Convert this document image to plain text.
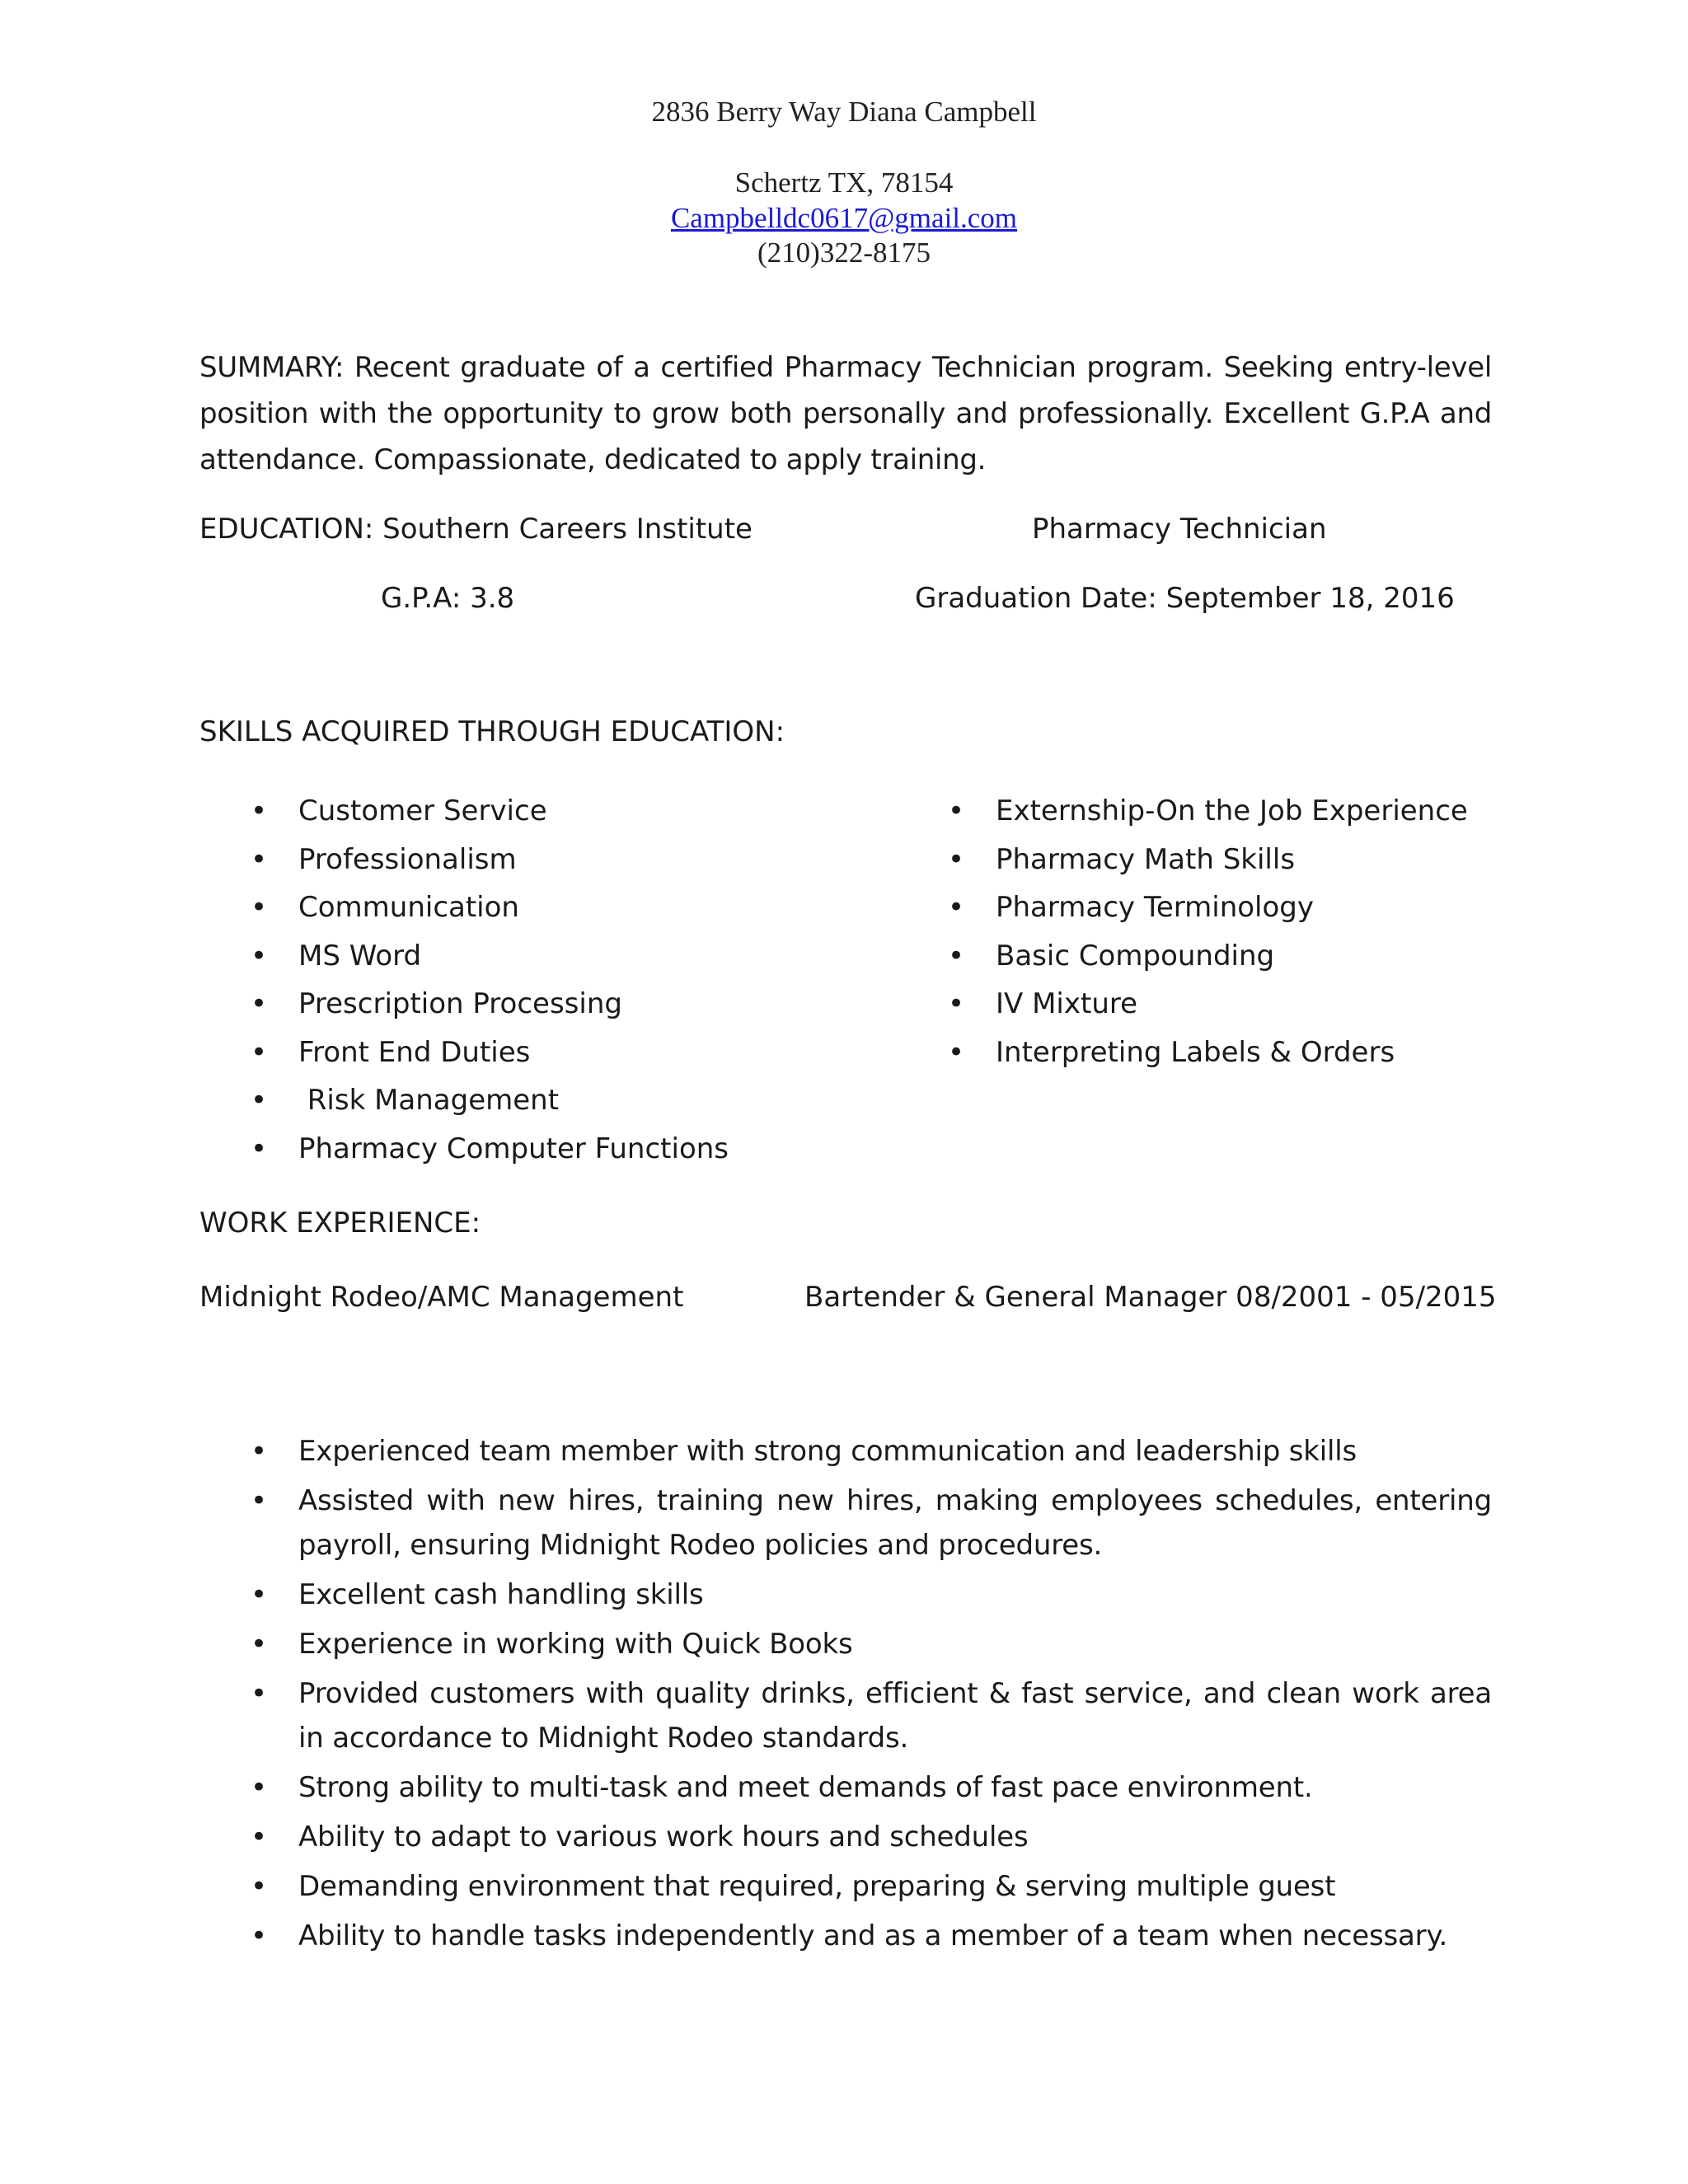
2836 Berry Way Diana Campbell
Schertz TX, 78154
Campbelldc0617@gmail.com
(210)322-8175
SUMMARY: Recent graduate of a certified Pharmacy Technician program. Seeking entry-level position with the opportunity to grow both personally and professionally. Excellent G.P.A and attendance. Compassionate, dedicated to apply training.
EDUCATION: Southern Careers Institute	Pharmacy Technician
G.P.A: 3.8	Graduation Date: September 18, 2016
SKILLS ACQUIRED THROUGH EDUCATION:
• Customer Service
• Professionalism
• Communication
• MS Word
• Prescription Processing
• Front End Duties
• Risk Management
• Pharmacy Computer Functions
• Externship-On the Job Experience
• Pharmacy Math Skills
• Pharmacy Terminology
• Basic Compounding
• IV Mixture
• Interpreting Labels & Orders
WORK EXPERIENCE:
Midnight Rodeo/AMC Management	Bartender & General Manager 08/2001 - 05/2015
• Experienced team member with strong communication and leadership skills
• Assisted with new hires, training new hires, making employees schedules, entering payroll, ensuring Midnight Rodeo policies and procedures.
• Excellent cash handling skills
• Experience in working with Quick Books
• Provided customers with quality drinks, efficient & fast service, and clean work area in accordance to Midnight Rodeo standards.
• Strong ability to multi-task and meet demands of fast pace environment.
• Ability to adapt to various work hours and schedules
• Demanding environment that required, preparing & serving multiple guest
• Ability to handle tasks independently and as a member of a team when necessary.
